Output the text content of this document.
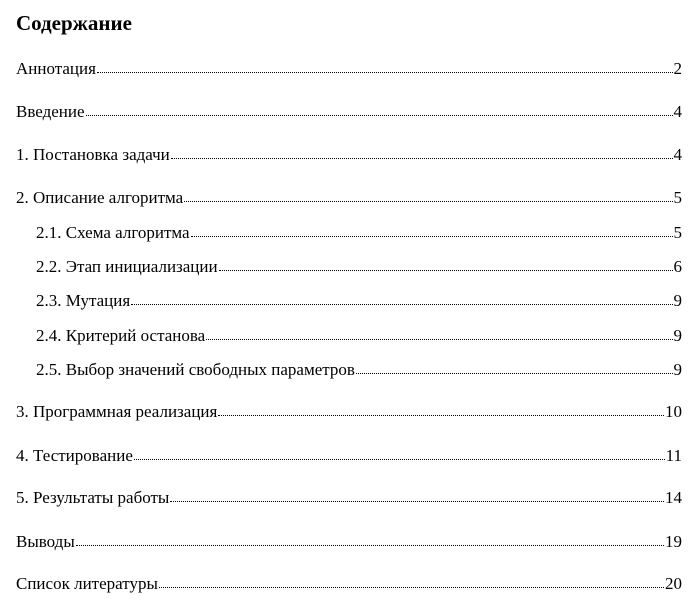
Содержание
Аннотация	2
Введение	4
1. Постановка задачи	4
2. Описание алгоритма	5
2.1. Схема алгоритма	5
2.2. Этап инициализации	6
2.3. Мутация	9
2.4. Критерий останова	9
2.5. Выбор значений свободных параметров	9
3. Программная реализация	10
4. Тестирование	11
5. Результаты работы	14
Выводы	19
Список литературы	20
